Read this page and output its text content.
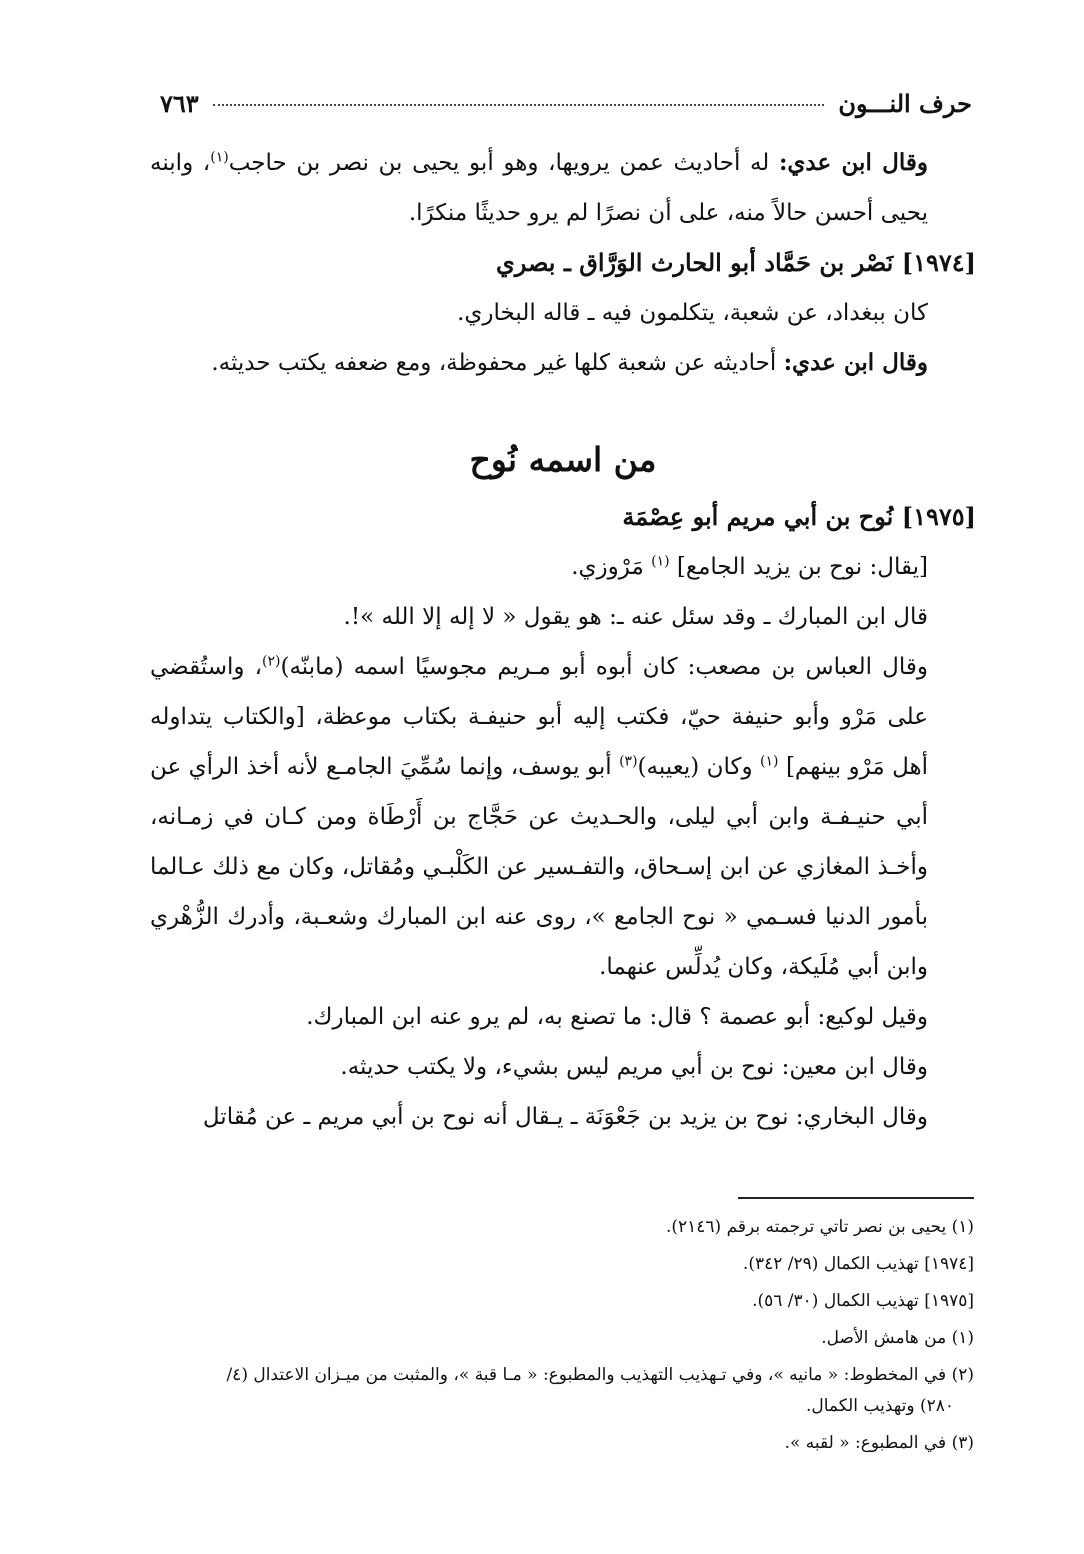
حرف النـــون
٧٦٣

وقال ابن عدي: له أحاديث عمن يرويها، وهو أبو يحيى بن نصر بن حاجب$^{(١)}$، وابنه يحيى أحسن حالاً منه، على أن نصرًا لم يرو حديثًا منكرًا.

[١٩٧٤] نَصْر بن حَمَّاد أبو الحارث الوَرَّاق ـ بصري

كان ببغداد، عن شعبة، يتكلمون فيه ـ قاله البخاري.

وقال ابن عدي: أحاديثه عن شعبة كلها غير محفوظة، ومع ضعفه يكتب حديثه.

من اسمه نُوح

[١٩٧٥] نُوح بن أبي مريم أبو عِصْمَة

[يقال: نوح بن يزيد الجامع] $^{(١)}$ مَرْوزي.

قال ابن المبارك ـ وقد سئل عنه ـ: هو يقول « لا إله إلا الله »!.

وقال العباس بن مصعب: كان أبوه أبو مـريم مجوسيًا اسمه (مابنّه)$^{(٢)}$، واستُقضي على مَرْو وأبو حنيفة حيّ، فكتب إليه أبو حنيفـة بكتاب موعظة، [والكتاب يتداوله أهل مَرْو بينهم] $^{(١)}$ وكان (يعيبه)$^{(٣)}$ أبو يوسف، وإنما سُمِّيَ الجامـع لأنه أخذ الرأي عن أبي حنيـفـة وابن أبي ليلى، والحـديث عن حَجَّاج بن أَرْطَاة ومن كـان في زمـانه، وأخـذ المغازي عن ابن إسـحاق، والتفـسير عن الكَلْبـي ومُقاتل، وكان مع ذلك عـالما بأمور الدنيا فسـمي « نوح الجامع »، روى عنه ابن المبارك وشعـبة، وأدرك الزُّهْري وابن أبي مُلَيكة، وكان يُدلِّس عنهما.

وقيل لوكيع: أبو عصمة ؟ قال: ما تصنع به، لم يرو عنه ابن المبارك.

وقال ابن معين: نوح بن أبي مريم ليس بشيء، ولا يكتب حديثه.

وقال البخاري: نوح بن يزيد بن جَعْوَنَة ـ يـقال أنه نوح بن أبي مريم ـ عن مُقاتل

(١) يحيى بن نصر تاتي ترجمته برقم (٢١٤٦).

[١٩٧٤] تهذيب الكمال (٢٩/ ٣٤٢).

[١٩٧٥] تهذيب الكمال (٣٠/ ٥٦).

(١) من هامش الأصل.

(٢) في المخطوط: « مانيه »، وفي تـهذيب التهذيب والمطبوع: « مـا قبة »، والمثبت من ميـزان الاعتدال (٤/
٢٨٠) وتهذيب الكمال.

(٣) في المطبوع: « لقبه ».
